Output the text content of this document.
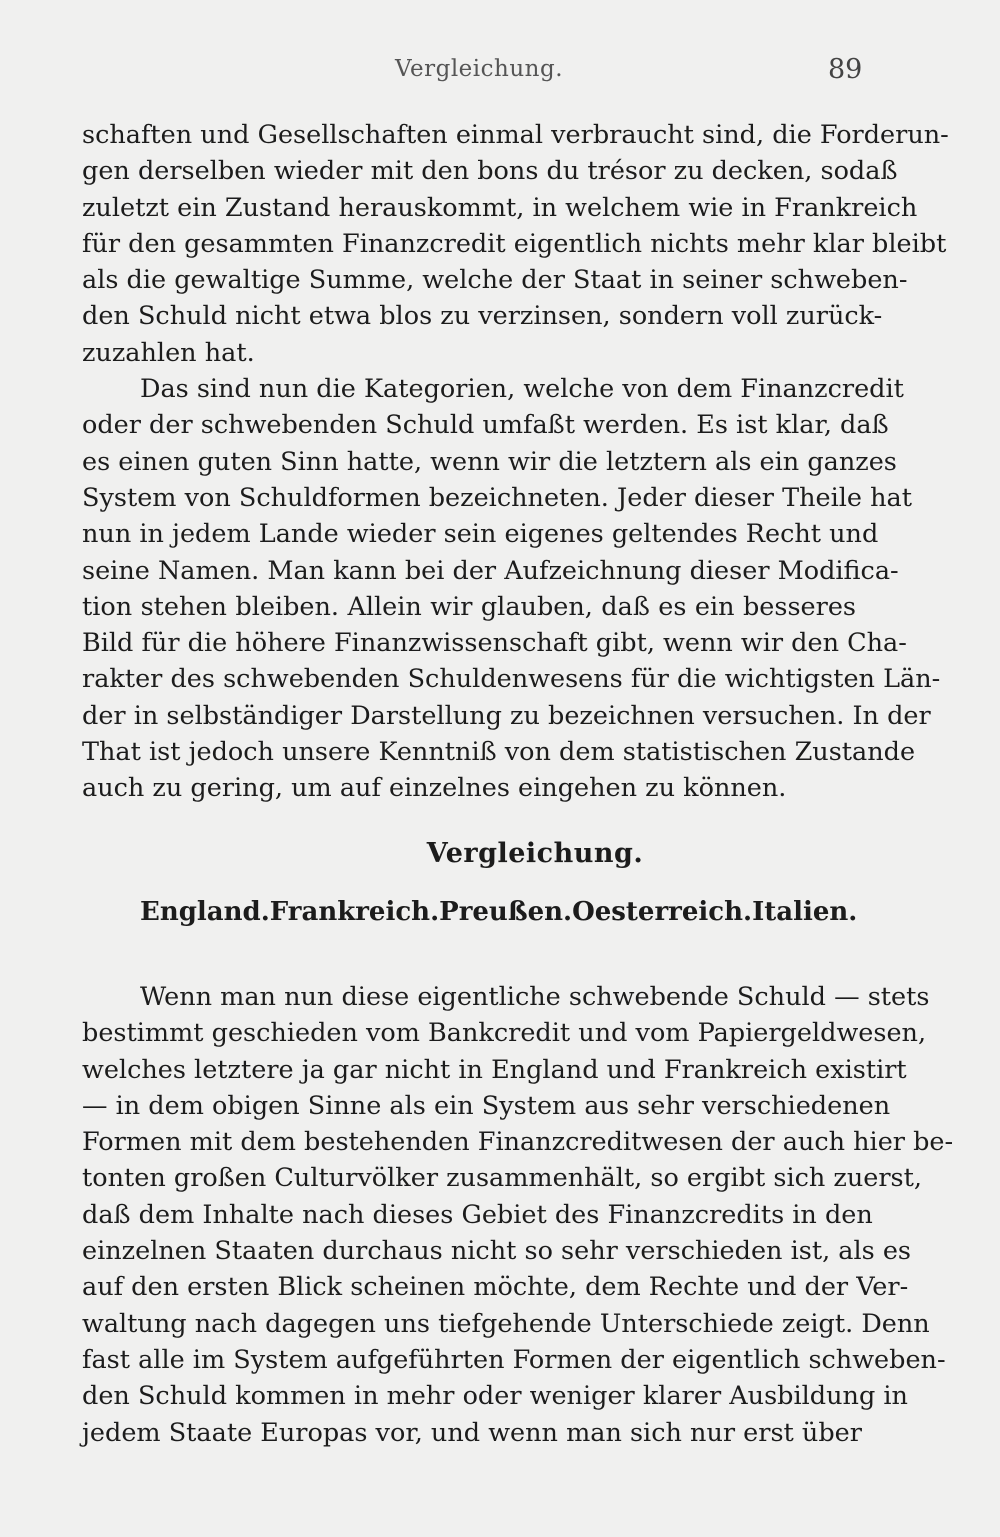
Vergleichung.	89
schaften und Gesellschaften einmal verbraucht sind, die Forderun-
gen derselben wieder mit den bons du trésor zu decken, sodaß
zuletzt ein Zustand herauskommt, in welchem wie in Frankreich
für den gesammten Finanzcredit eigentlich nichts mehr klar bleibt
als die gewaltige Summe, welche der Staat in seiner schweben-
den Schuld nicht etwa blos zu verzinsen, sondern voll zurück-
zuzahlen hat.
Das sind nun die Kategorien, welche von dem Finanzcredit
oder der schwebenden Schuld umfaßt werden. Es ist klar, daß
es einen guten Sinn hatte, wenn wir die letztern als ein ganzes
System von Schuldformen bezeichneten. Jeder dieser Theile hat
nun in jedem Lande wieder sein eigenes geltendes Recht und
seine Namen. Man kann bei der Aufzeichnung dieser Modifica-
tion stehen bleiben. Allein wir glauben, daß es ein besseres
Bild für die höhere Finanzwissenschaft gibt, wenn wir den Cha-
rakter des schwebenden Schuldenwesens für die wichtigsten Län-
der in selbständiger Darstellung zu bezeichnen versuchen. In der
That ist jedoch unsere Kenntniß von dem statistischen Zustande
auch zu gering, um auf einzelnes eingehen zu können.
Vergleichung.
England. Frankreich. Preußen. Oesterreich. Italien.
Wenn man nun diese eigentliche schwebende Schuld — stets
bestimmt geschieden vom Bankcredit und vom Papiergeldwesen,
welches letztere ja gar nicht in England und Frankreich existirt
— in dem obigen Sinne als ein System aus sehr verschiedenen
Formen mit dem bestehenden Finanzcreditwesen der auch hier be-
tonten großen Culturvölker zusammenhält, so ergibt sich zuerst,
daß dem Inhalte nach dieses Gebiet des Finanzcredits in den
einzelnen Staaten durchaus nicht so sehr verschieden ist, als es
auf den ersten Blick scheinen möchte, dem Rechte und der Ver-
waltung nach dagegen uns tiefgehende Unterschiede zeigt. Denn
fast alle im System aufgeführten Formen der eigentlich schweben-
den Schuld kommen in mehr oder weniger klarer Ausbildung in
jedem Staate Europas vor, und wenn man sich nur erst über
